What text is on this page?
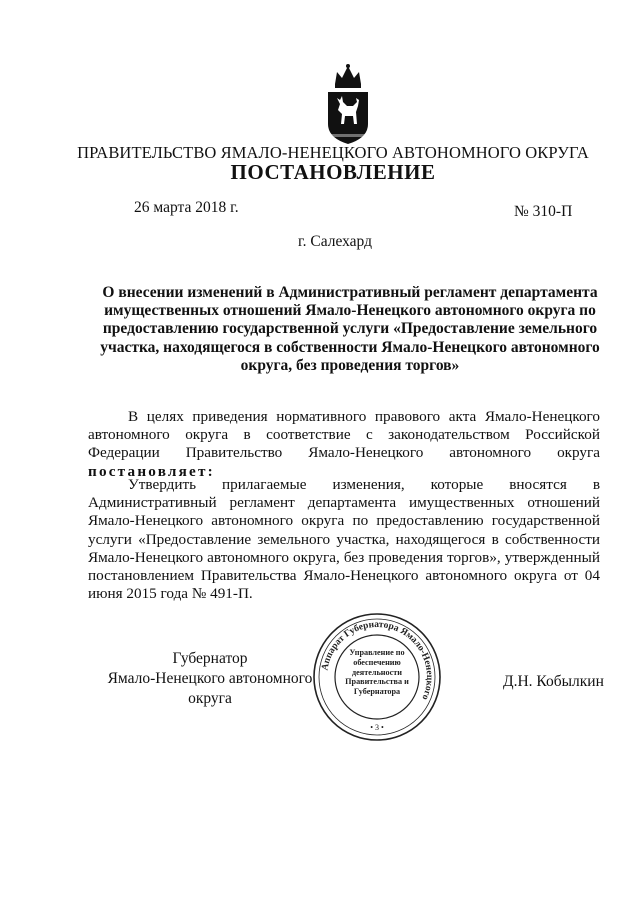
ПРАВИТЕЛЬСТВО ЯМАЛО-НЕНЕЦКОГО АВТОНОМНОГО ОКРУГА
ПОСТАНОВЛЕНИЕ
26 марта 2018 г.	№ 310-П
г. Салехард
О внесении изменений в Административный регламент департамента имущественных отношений Ямало-Ненецкого автономного округа по предоставлению государственной услуги «Предоставление земельного участка, находящегося в собственности Ямало-Ненецкого автономного округа, без проведения торгов»
В целях приведения нормативного правового акта Ямало-Ненецкого автономного округа в соответствие с законодательством Российской Федерации Правительство Ямало-Ненецкого автономного округа постановляет:
Утвердить прилагаемые изменения, которые вносятся в Административный регламент департамента имущественных отношений Ямало-Ненецкого автономного округа по предоставлению государственной услуги «Предоставление земельного участка, находящегося в собственности Ямало-Ненецкого автономного округа, без проведения торгов», утвержденный постановлением Правительства Ямало-Ненецкого автономного округа от 04 июня 2015 года № 491-П.
Аппарат Губернатора Ямало-Ненецкого
• 3 •
Управление по обеспечению деятельности Правительства и Губернатора
Губернатор
Ямало-Ненецкого автономного округа
Д.Н. Кобылкин
